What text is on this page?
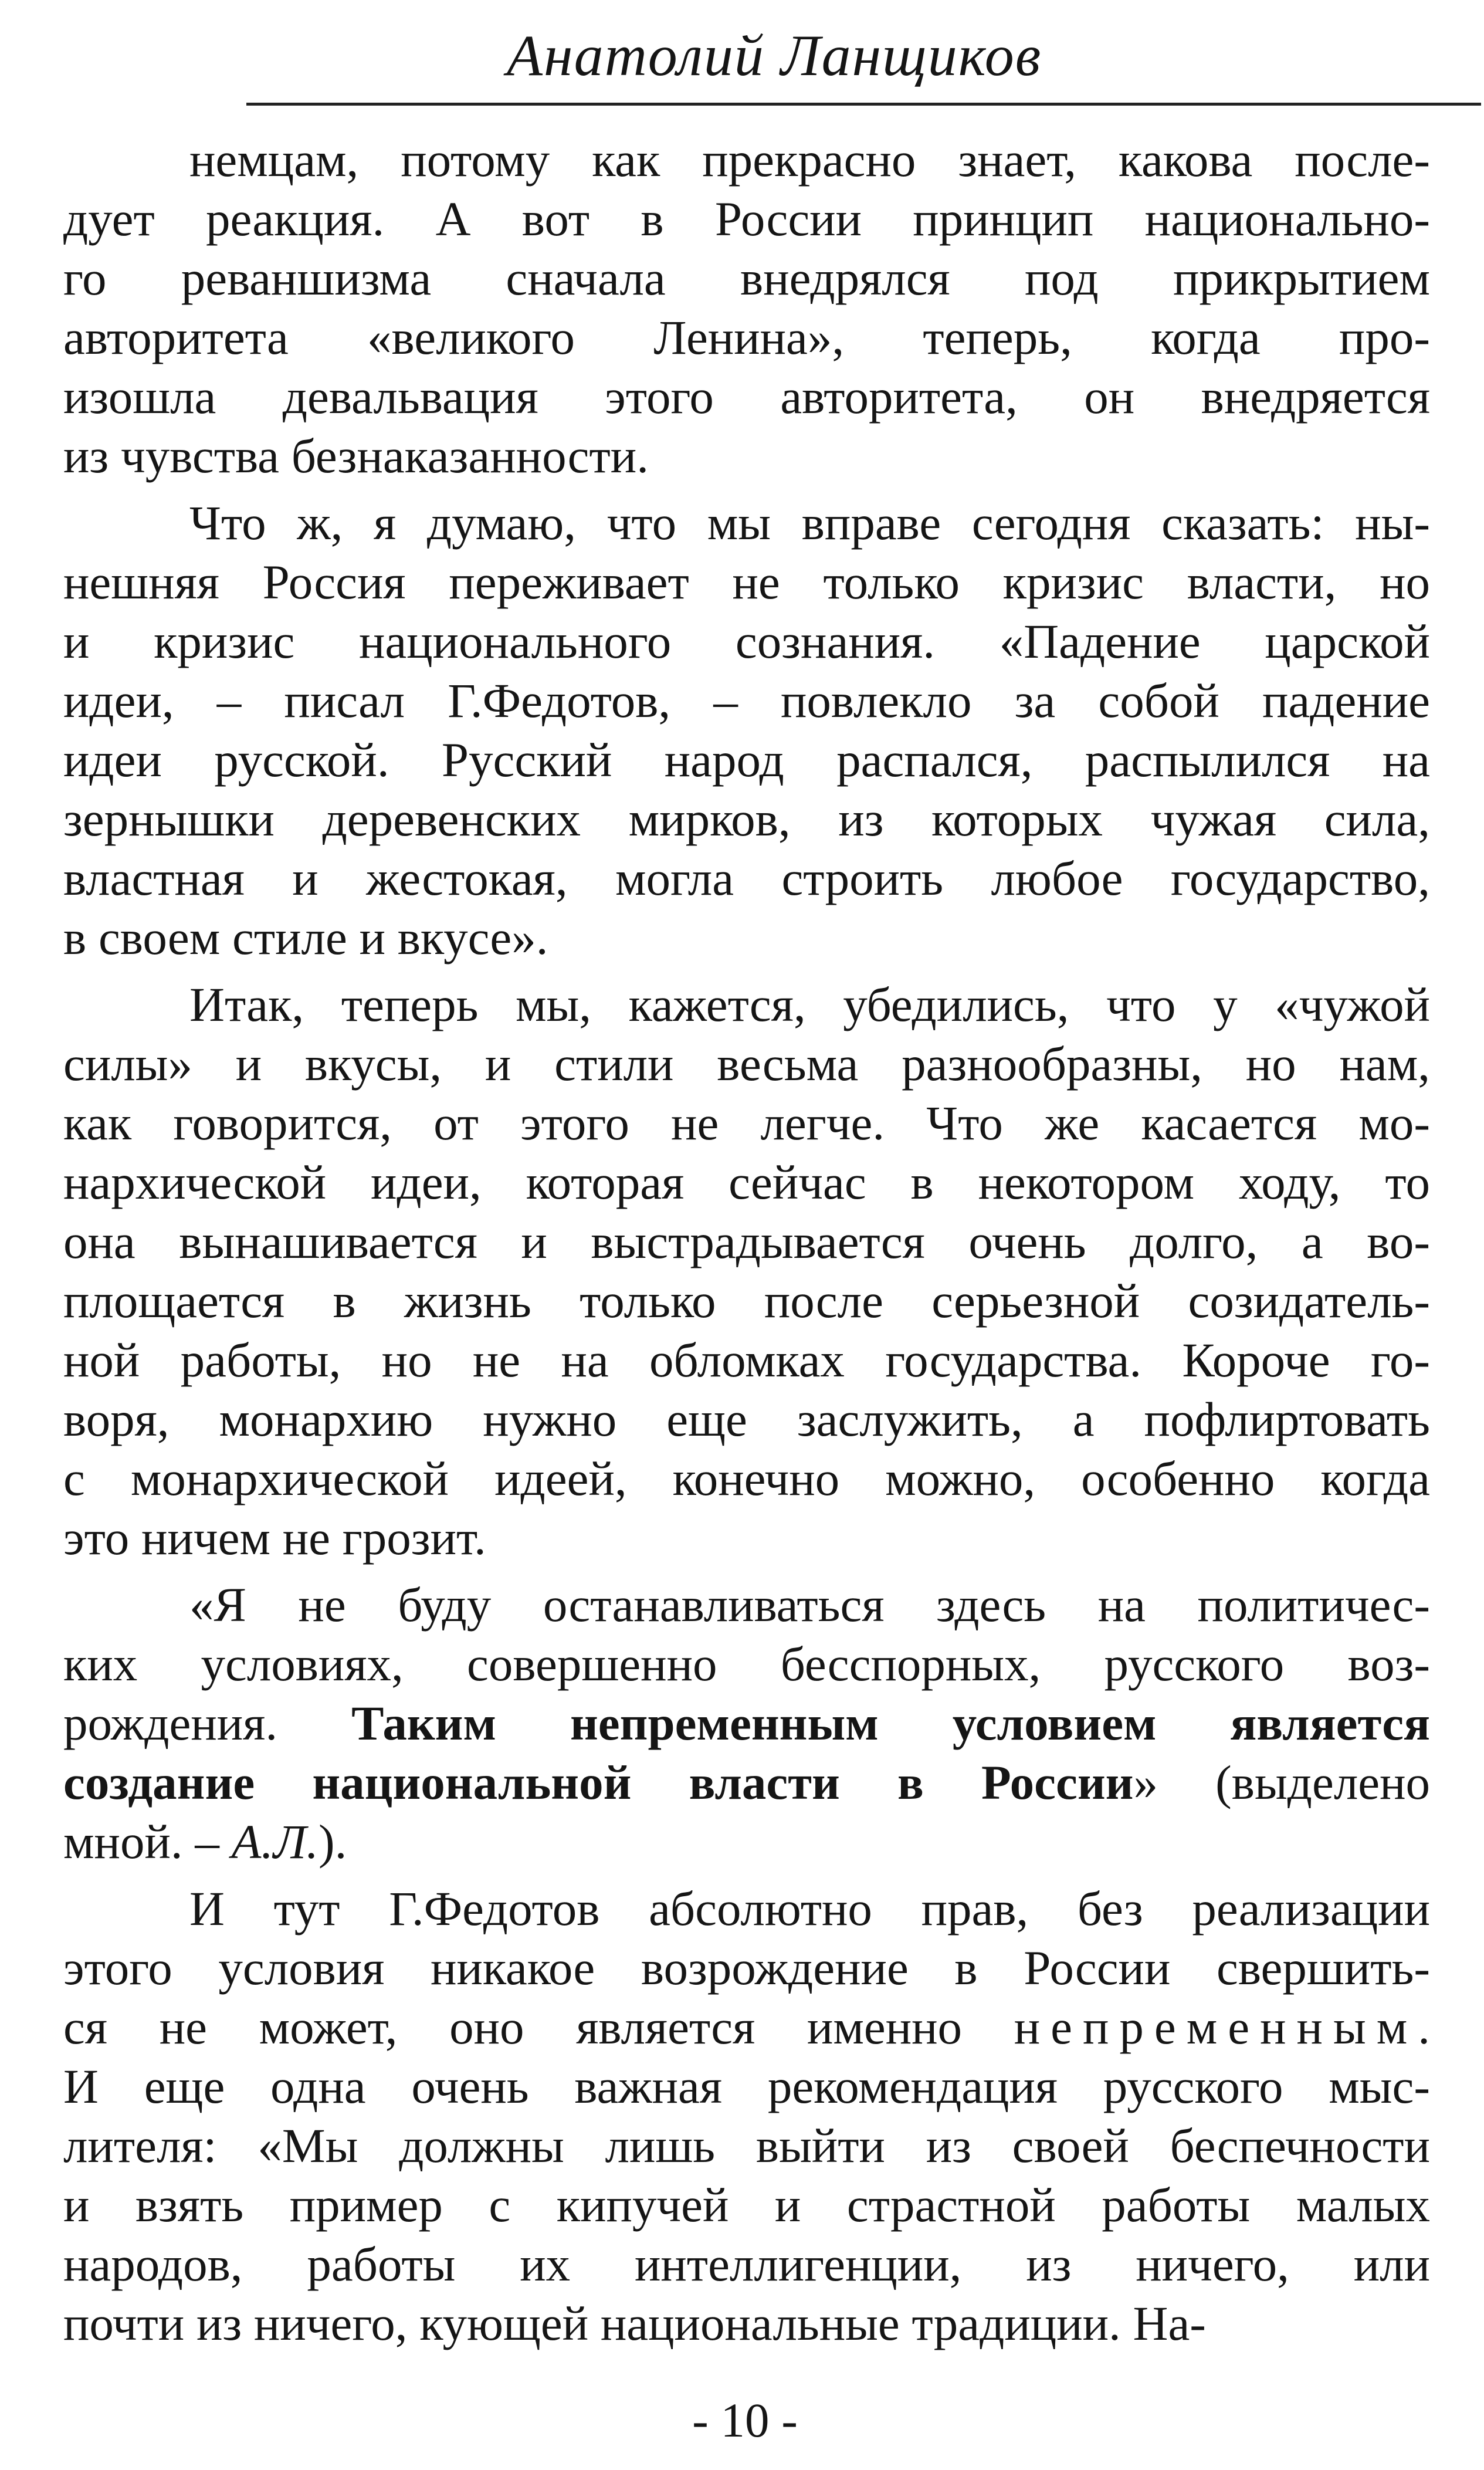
Анатолий Ланщиков
немцам, потому как прекрасно знает, какова после-
дует реакция. А вот в России принцип национально-
го реваншизма сначала внедрялся под прикрытием
авторитета «великого Ленина», теперь, когда про-
изошла девальвация этого авторитета, он внедряется
из чувства безнаказанности.
Что ж, я думаю, что мы вправе сегодня сказать: ны-
нешняя Россия переживает не только кризис власти, но
и кризис национального сознания. «Падение царской
идеи, – писал Г.Федотов, – повлекло за собой падение
идеи русской. Русский народ распался, распылился на
зернышки деревенских мирков, из которых чужая сила,
властная и жестокая, могла строить любое государство,
в своем стиле и вкусе».
Итак, теперь мы, кажется, убедились, что у «чужой
силы» и вкусы, и стили весьма разнообразны, но нам,
как говорится, от этого не легче. Что же касается мо-
нархической идеи, которая сейчас в некотором ходу, то
она вынашивается и выстрадывается очень долго, а во-
площается в жизнь только после серьезной созидатель-
ной работы, но не на обломках государства. Короче го-
воря, монархию нужно еще заслужить, а пофлиртовать
с монархической идеей, конечно можно, особенно когда
это ничем не грозит.
«Я не буду останавливаться здесь на политичес-
ких условиях, совершенно бесспорных, русского воз-
рождения. Таким непременным условием является
создание национальной власти в России» (выделено
мной. – А.Л.).
И тут Г.Федотов абсолютно прав, без реализации
этого условия никакое возрождение в России свершить-
ся не может, оно является именно непременным.
И еще одна очень важная рекомендация русского мыс-
лителя: «Мы должны лишь выйти из своей беспечности
и взять пример с кипучей и страстной работы малых
народов, работы их интеллигенции, из ничего, или
почти из ничего, кующей национальные традиции. На-
- 10 -
